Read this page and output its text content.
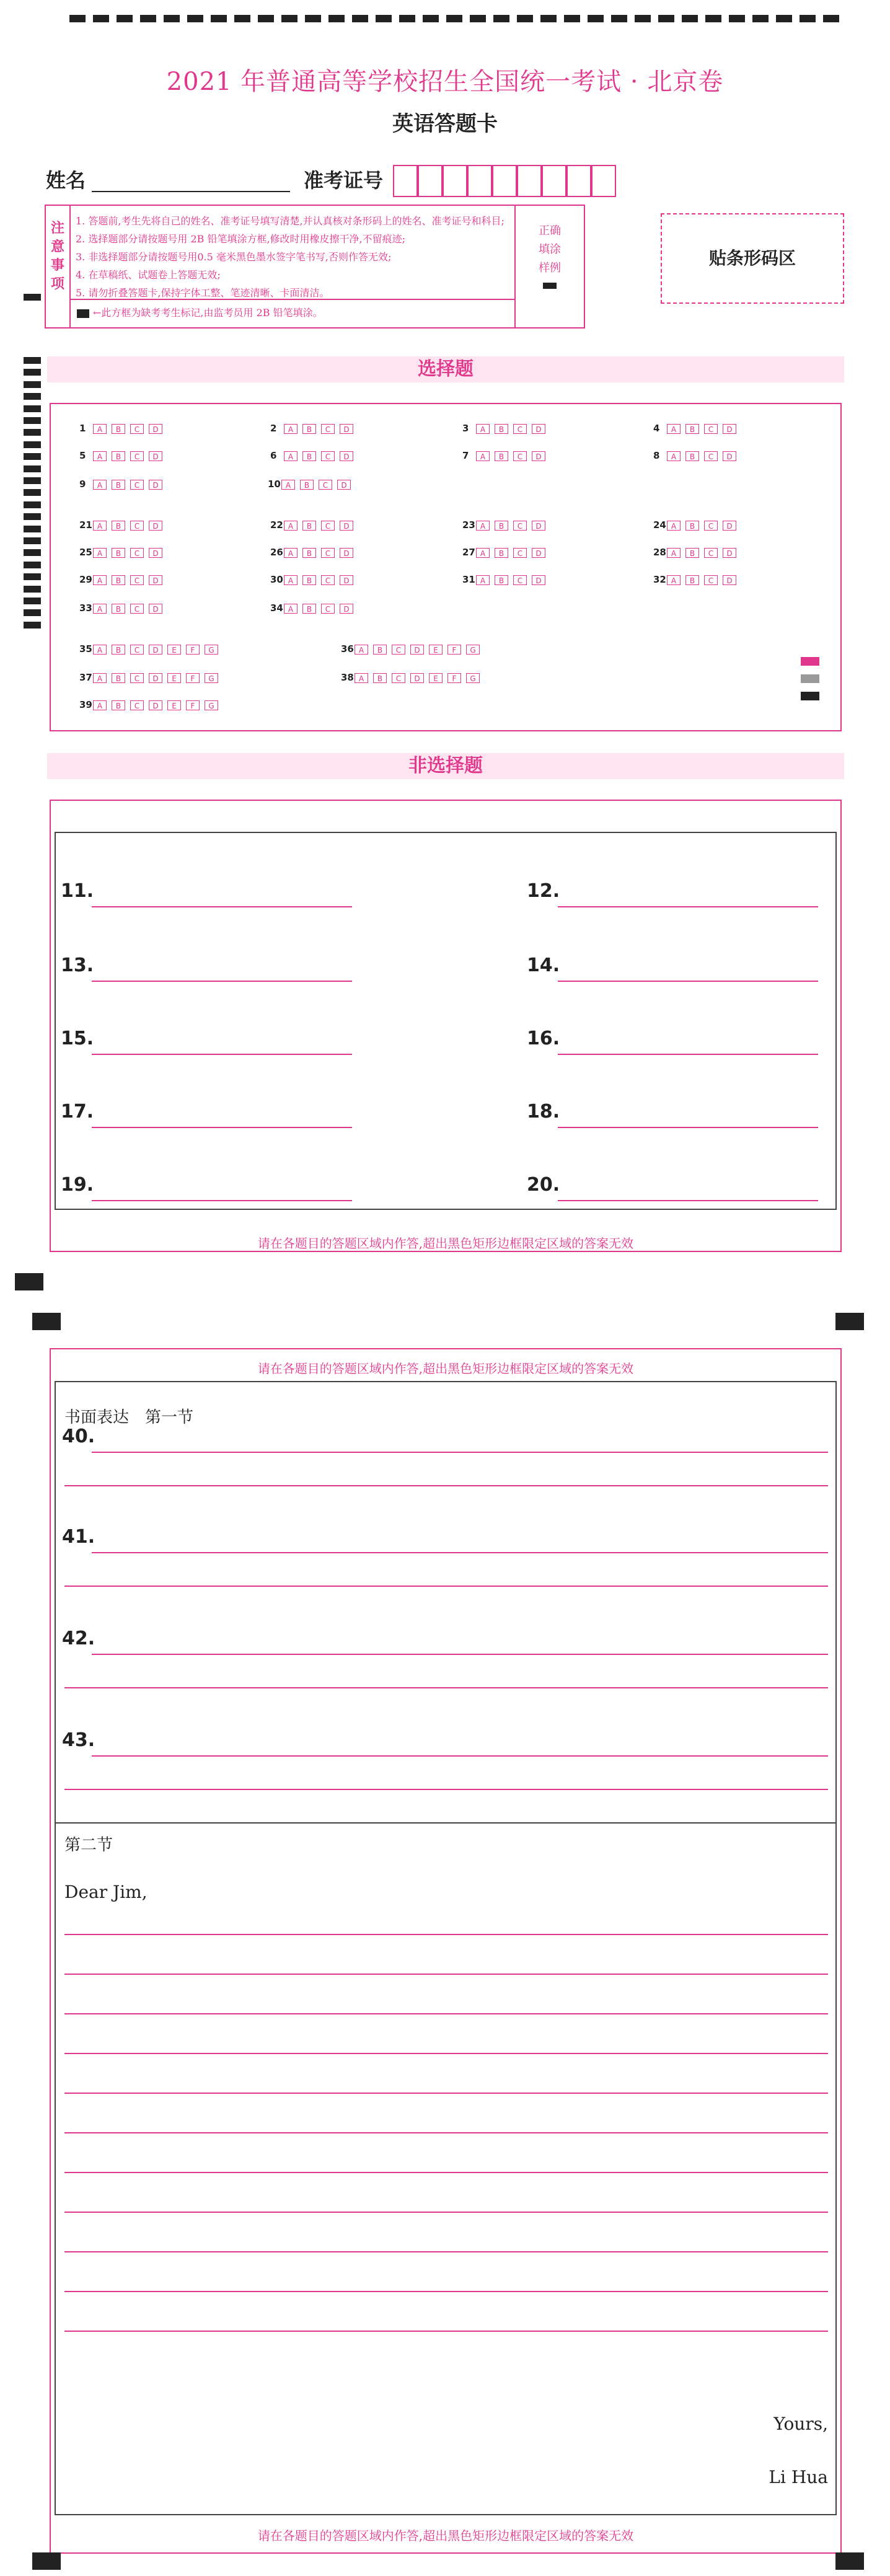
2021 年普通高等学校招生全国统一考试 · 北京卷
英语答题卡
姓名	准考证号
注
意
事
项
1. 答题前,考生先将自己的姓名、准考证号填写清楚,并认真核对条形码上的姓名、准考证号和科目;
2. 选择题部分请按题号用 2B 铅笔填涂方框,修改时用橡皮擦干净,不留痕迹;
3. 非选择题部分请按题号用0.5 毫米黑色墨水签字笔书写,否则作答无效;
4. 在草稿纸、试题卷上答题无效;
5. 请勿折叠答题卡,保持字体工整、笔迹清晰、卡面清洁。
←此方框为缺考考生标记,由监考员用 2B 铅笔填涂。
正确
填涂
样例	贴条形码区
选择题
1 A B C D	2 A B C D	3 A B C D	4 A B C D
5 A B C D	6 A B C D	7 A B C D	8 A B C D
9 A B C D	10 A B C D
21 A B C D	22 A B C D	23 A B C D	24 A B C D
25 A B C D	26 A B C D	27 A B C D	28 A B C D
29 A B C D	30 A B C D	31 A B C D	32 A B C D
33 A B C D	34 A B C D
35 A B C D E F G	36 A B C D E F G
37 A B C D E F G	38 A B C D E F G
39 A B C D E F G
非选择题
11.	12.
13.	14.
15.	16.
17.	18.
19.	20.
请在各题目的答题区域内作答,超出黑色矩形边框限定区域的答案无效
请在各题目的答题区域内作答,超出黑色矩形边框限定区域的答案无效
书面表达　第一节
40.
41.
42.
43.
第二节
Dear Jim,
Yours,
Li Hua
请在各题目的答题区域内作答,超出黑色矩形边框限定区域的答案无效
